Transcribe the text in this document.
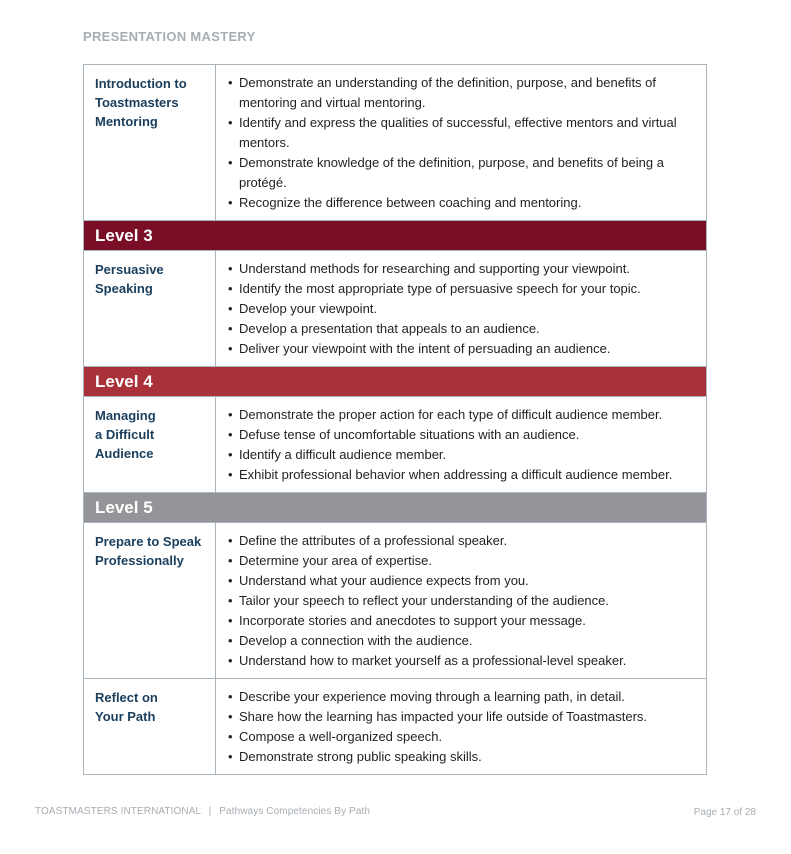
PRESENTATION MASTERY
Introduction to
Toastmasters
Mentoring
• Demonstrate an understanding of the definition, purpose, and benefits of mentoring and virtual mentoring.
• Identify and express the qualities of successful, effective mentors and virtual mentors.
• Demonstrate knowledge of the definition, purpose, and benefits of being a protégé.
• Recognize the difference between coaching and mentoring.
Level 3
Persuasive
Speaking
• Understand methods for researching and supporting your viewpoint.
• Identify the most appropriate type of persuasive speech for your topic.
• Develop your viewpoint.
• Develop a presentation that appeals to an audience.
• Deliver your viewpoint with the intent of persuading an audience.
Level 4
Managing
a Difficult
Audience
• Demonstrate the proper action for each type of difficult audience member.
• Defuse tense of uncomfortable situations with an audience.
• Identify a difficult audience member.
• Exhibit professional behavior when addressing a difficult audience member.
Level 5
Prepare to Speak
Professionally
• Define the attributes of a professional speaker.
• Determine your area of expertise.
• Understand what your audience expects from you.
• Tailor your speech to reflect your understanding of the audience.
• Incorporate stories and anecdotes to support your message.
• Develop a connection with the audience.
• Understand how to market yourself as a professional-level speaker.
Reflect on
Your Path
• Describe your experience moving through a learning path, in detail.
• Share how the learning has impacted your life outside of Toastmasters.
• Compose a well-organized speech.
• Demonstrate strong public speaking skills.
TOASTMASTERS INTERNATIONAL | Pathways Competencies By Path	Page 17 of 28
